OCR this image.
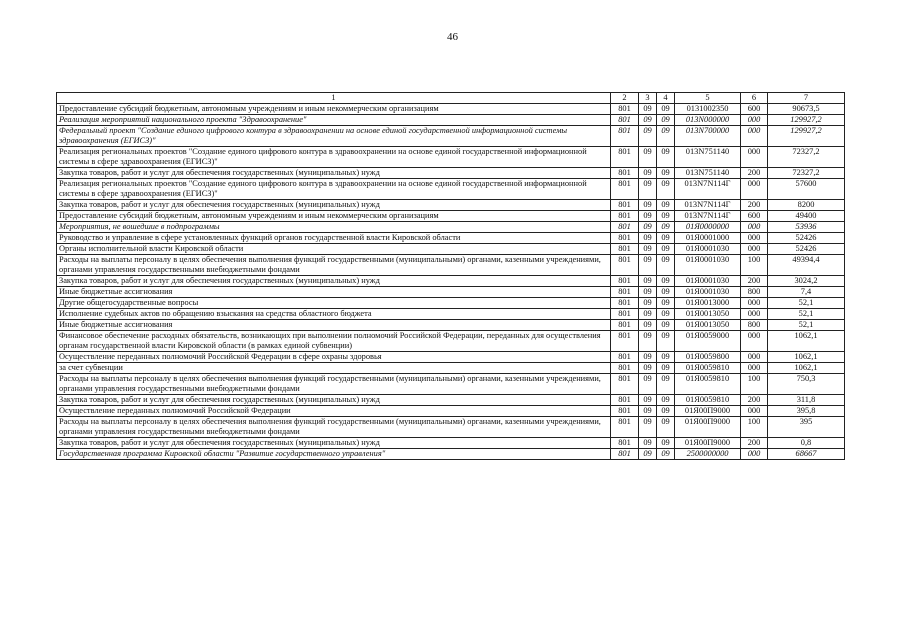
46
1	2	3	4	5	6	7
Предоставление субсидий бюджетным, автономным учреждениям и иным некоммерческим организациям	801	09	09	0131002350	600	90673,5
Реализация мероприятий национального проекта "Здравоохранение"	801	09	09	013N000000	000	129927,2
Федеральный проект "Создание единого цифрового контура в здравоохранении на основе единой государственной информационной системы здравоохранения (ЕГИСЗ)"	801	09	09	013N700000	000	129927,2
Реализация региональных проектов "Создание единого цифрового контура в здравоохранении на основе единой государственной информационной системы в сфере здравоохранения (ЕГИСЗ)"	801	09	09	013N751140	000	72327,2
Закупка товаров, работ и услуг для обеспечения государственных (муниципальных) нужд	801	09	09	013N751140	200	72327,2
Реализация региональных проектов "Создание единого цифрового контура в здравоохранении на основе единой государственной информационной системы в сфере здравоохранения (ЕГИСЗ)"	801	09	09	013N7N114Г	000	57600
Закупка товаров, работ и услуг для обеспечения государственных (муниципальных) нужд	801	09	09	013N7N114Г	200	8200
Предоставление субсидий бюджетным, автономным учреждениям и иным некоммерческим организациям	801	09	09	013N7N114Г	600	49400
Мероприятия, не вошедшие в подпрограммы	801	09	09	01Я0000000	000	53936
Руководство и управление в сфере установленных функций органов государственной власти Кировской области	801	09	09	01Я0001000	000	52426
Органы исполнительной власти Кировской области	801	09	09	01Я0001030	000	52426
Расходы на выплаты персоналу в целях обеспечения выполнения функций государственными (муниципальными) органами, казенными учреждениями, органами управления государственными внебюджетными фондами	801	09	09	01Я0001030	100	49394,4
Закупка товаров, работ и услуг для обеспечения государственных (муниципальных) нужд	801	09	09	01Я0001030	200	3024,2
Иные бюджетные ассигнования	801	09	09	01Я0001030	800	7,4
Другие общегосударственные вопросы	801	09	09	01Я0013000	000	52,1
Исполнение судебных актов по обращению взыскания на средства областного бюджета	801	09	09	01Я0013050	000	52,1
Иные бюджетные ассигнования	801	09	09	01Я0013050	800	52,1
Финансовое обеспечение расходных обязательств, возникающих при выполнении полномочий Российской Федерации, переданных для осуществления органам государственной власти Кировской области (в рамках единой субвенции)	801	09	09	01Я0059000	000	1062,1
Осуществление переданных полномочий Российской Федерации в сфере охраны здоровья	801	09	09	01Я0059800	000	1062,1
за счет субвенции	801	09	09	01Я0059810	000	1062,1
Расходы на выплаты персоналу в целях обеспечения выполнения функций государственными (муниципальными) органами, казенными учреждениями, органами управления государственными внебюджетными фондами	801	09	09	01Я0059810	100	750,3
Закупка товаров, работ и услуг для обеспечения государственных (муниципальных) нужд	801	09	09	01Я0059810	200	311,8
Осуществление переданных полномочий Российской Федерации	801	09	09	01Я00П9000	000	395,8
Расходы на выплаты персоналу в целях обеспечения выполнения функций государственными (муниципальными) органами, казенными учреждениями, органами управления государственными внебюджетными фондами	801	09	09	01Я00П9000	100	395
Закупка товаров, работ и услуг для обеспечения государственных (муниципальных) нужд	801	09	09	01Я00П9000	200	0,8
Государственная программа Кировской области "Развитие государственного управления"	801	09	09	2500000000	000	68667
